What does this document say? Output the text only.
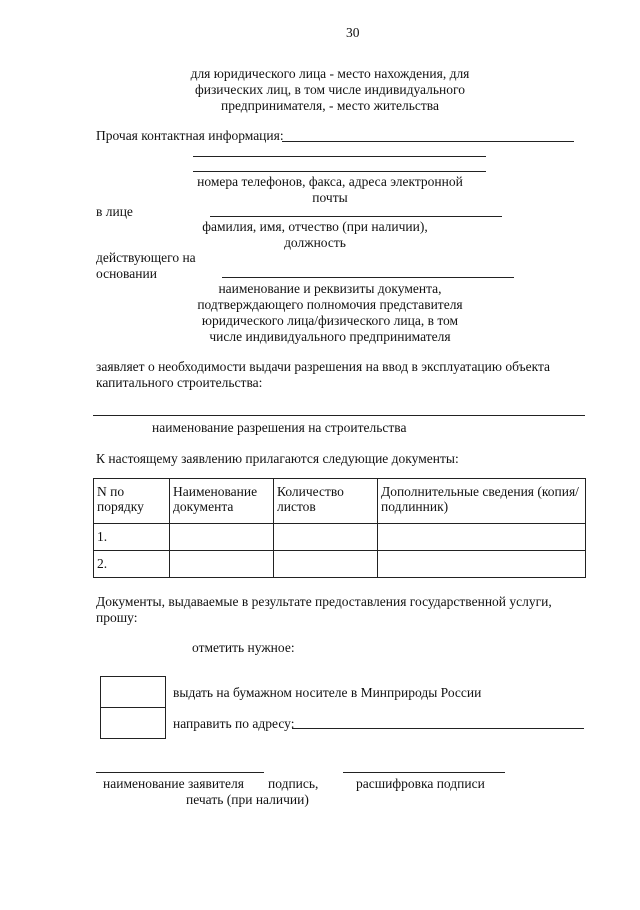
30
для юридического лица - место нахождения, для
физических лиц, в том числе индивидуального
предпринимателя, - место жительства
Прочая контактная информация:
номера телефонов, факса, адреса электронной
почты
в лице
фамилия, имя, отчество (при наличии),
должность
действующего на
основании
наименование и реквизиты документа,
подтверждающего полномочия представителя
юридического лица/физического лица, в том
числе индивидуального предпринимателя
заявляет о необходимости выдачи разрешения на ввод в эксплуатацию объекта
капитального строительства:
наименование разрешения на строительства
К настоящему заявлению прилагаются следующие документы:
N по порядку	Наименование документа	Количество листов	Дополнительные сведения (копия/подлинник)
1.			
2.			
Документы, выдаваемые в результате предоставления государственной услуги,
прошу:
отметить нужное:
выдать на бумажном носителе в Минприроды России
направить по адресу:
наименование заявителя подпись,	расшифровка подписи
печать (при наличии)
